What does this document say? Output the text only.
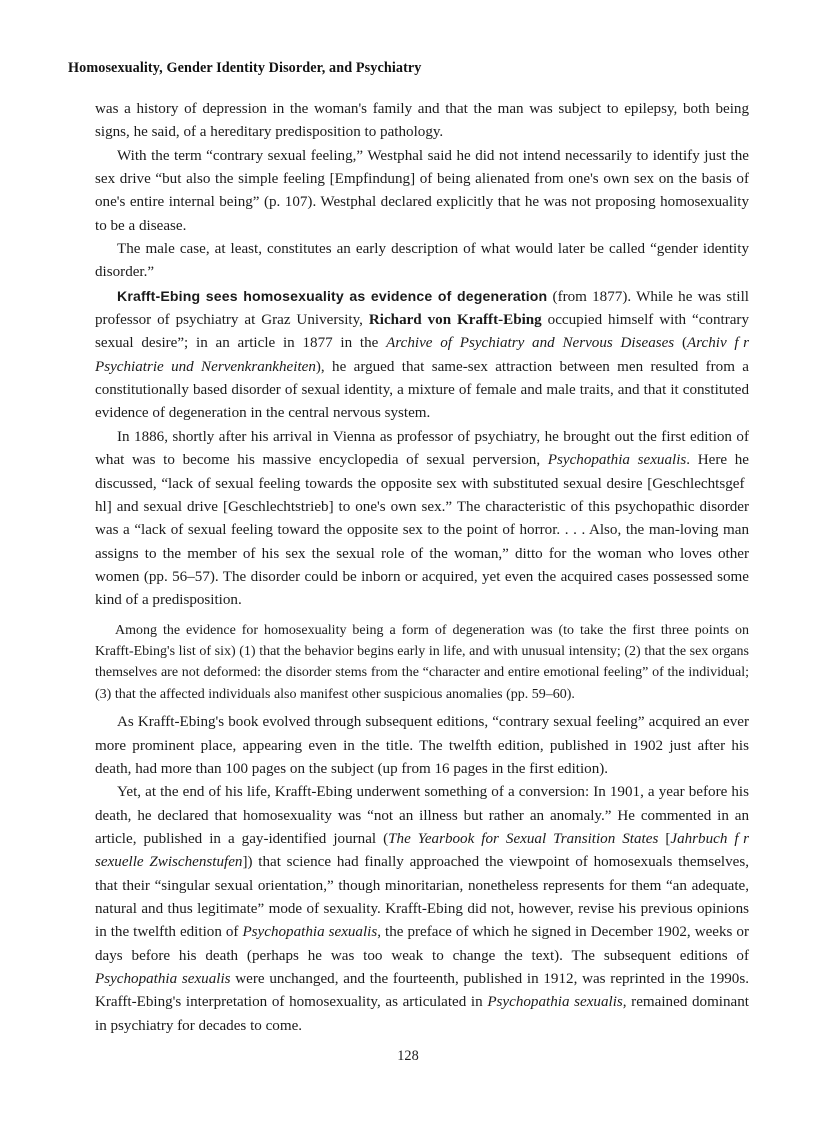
Homosexuality, Gender Identity Disorder, and Psychiatry

was a history of depression in the woman's family and that the man was subject to epilepsy, both being signs, he said, of a hereditary predisposition to pathology.

With the term “contrary sexual feeling,” Westphal said he did not intend necessarily to identify just the sex drive “but also the simple feeling [Empfindung] of being alienated from one's own sex on the basis of one's entire internal being” (p. 107). Westphal declared explicitly that he was not proposing homosexuality to be a disease.

The male case, at least, constitutes an early description of what would later be called “gender identity disorder.”

Krafft-Ebing sees homosexuality as evidence of degeneration (from 1877). While he was still professor of psychiatry at Graz University, Richard von Krafft-Ebing occupied himself with “contrary sexual desire”; in an article in 1877 in the Archive of Psychiatry and Nervous Diseases (Archiv f r Psychiatrie und Nervenkrankheiten), he argued that same-sex attraction between men resulted from a constitutionally based disorder of sexual identity, a mixture of female and male traits, and that it constituted evidence of degeneration in the central nervous system.

In 1886, shortly after his arrival in Vienna as professor of psychiatry, he brought out the first edition of what was to become his massive encyclopedia of sexual perversion, Psychopathia sexualis. Here he discussed, “lack of sexual feeling towards the opposite sex with substituted sexual desire [Geschlechtsgefhl] and sexual drive [Geschlechtstrieb] to one's own sex.” The characteristic of this psychopathic disorder was a “lack of sexual feeling toward the opposite sex to the point of horror. . . . Also, the man-loving man assigns to the member of his sex the sexual role of the woman,” ditto for the woman who loves other women (pp. 56–57). The disorder could be inborn or acquired, yet even the acquired cases possessed some kind of a predisposition.

Among the evidence for homosexuality being a form of degeneration was (to take the first three points on Krafft-Ebing's list of six) (1) that the behavior begins early in life, and with unusual intensity; (2) that the sex organs themselves are not deformed: the disorder stems from the “character and entire emotional feeling” of the individual; (3) that the affected individuals also manifest other suspicious anomalies (pp. 59–60).

As Krafft-Ebing's book evolved through subsequent editions, “contrary sexual feeling” acquired an ever more prominent place, appearing even in the title. The twelfth edition, published in 1902 just after his death, had more than 100 pages on the subject (up from 16 pages in the first edition).

Yet, at the end of his life, Krafft-Ebing underwent something of a conversion: In 1901, a year before his death, he declared that homosexuality was “not an illness but rather an anomaly.” He commented in an article, published in a gay-identified journal (The Yearbook for Sexual Transition States [Jahrbuch f r sexuelle Zwischenstufen]) that science had finally approached the viewpoint of homosexuals themselves, that their “singular sexual orientation,” though minoritarian, nonetheless represents for them “an adequate, natural and thus legitimate” mode of sexuality. Krafft-Ebing did not, however, revise his previous opinions in the twelfth edition of Psychopathia sexualis, the preface of which he signed in December 1902, weeks or days before his death (perhaps he was too weak to change the text). The subsequent editions of Psychopathia sexualis were unchanged, and the fourteenth, published in 1912, was reprinted in the 1990s. Krafft-Ebing's interpretation of homosexuality, as articulated in Psychopathia sexualis, remained dominant in psychiatry for decades to come.

128
